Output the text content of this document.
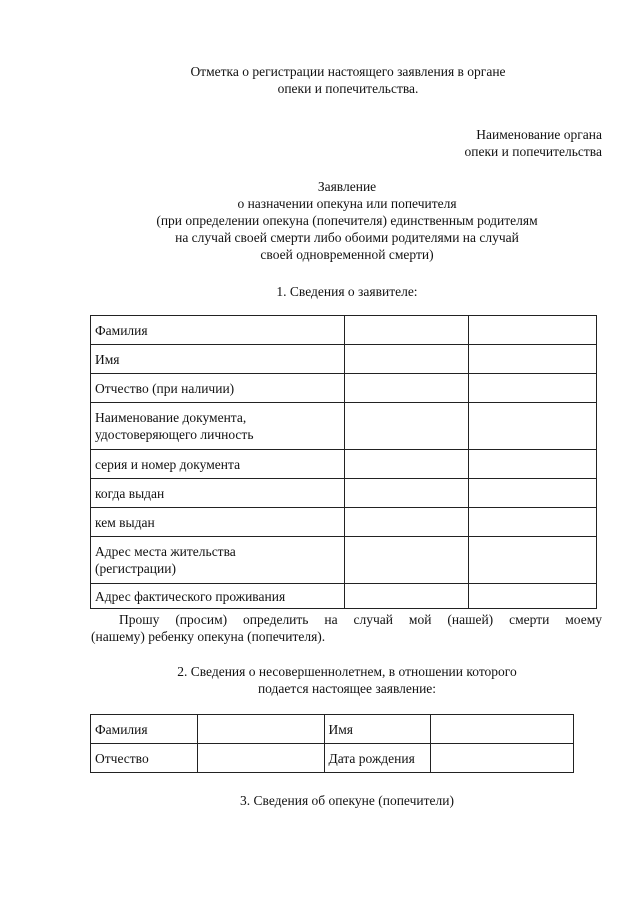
Отметка о регистрации настоящего заявления в органе
опеки и попечительства.
Наименование органа
опеки и попечительства
Заявление
о назначении опекуна или попечителя
(при определении опекуна (попечителя) единственным родителям
на случай своей смерти либо обоими родителями на случай
своей одновременной смерти)
1. Сведения о заявителе:
Фамилия		
Имя		
Отчество (при наличии)		

Наименование документа,
удостоверяющего личность		

серия и номер документа		
когда выдан		
кем выдан		

Адрес места жительства
(регистрации)		

Адрес фактического проживания		
Прошу (просим) определить на случай мой (нашей) смерти моему
(нашему) ребенку опекуна (попечителя).
2. Сведения о несовершеннолетнем, в отношении которого
подается настоящее заявление:
Фамилия		Имя	
Отчество		Дата рождения	
3. Сведения об опекуне (попечители)
